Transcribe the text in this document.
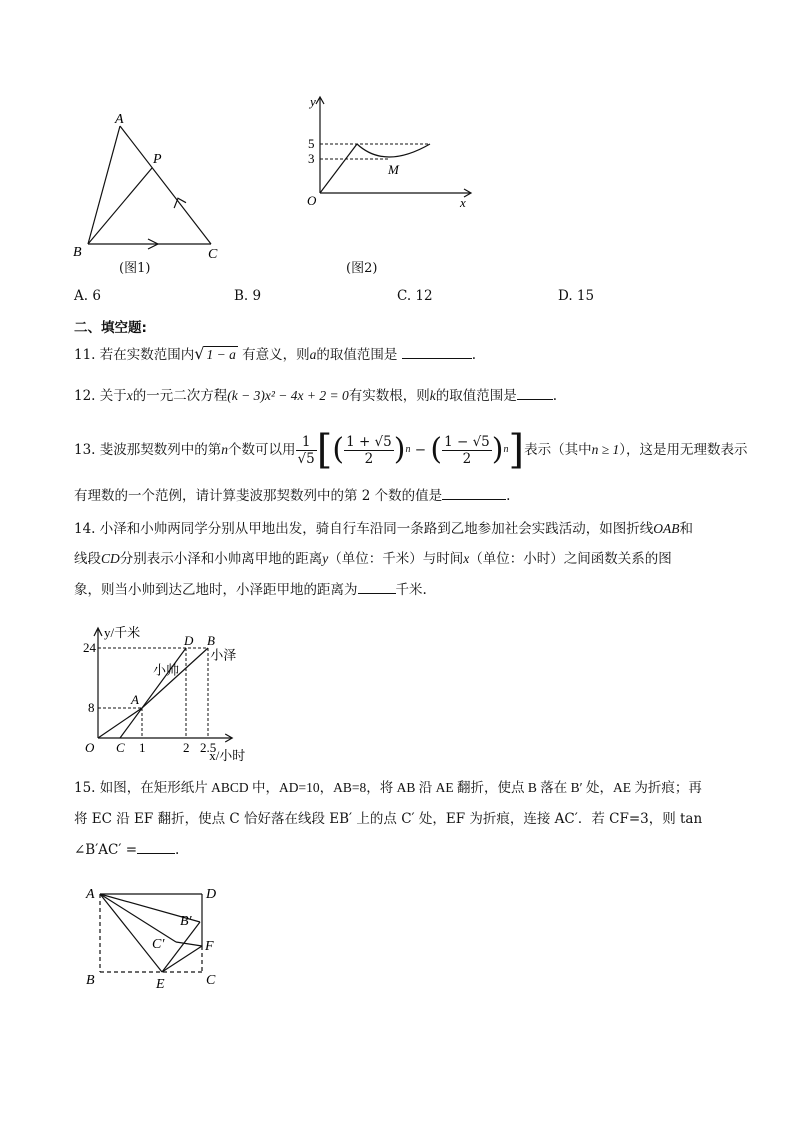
A
P
B	C
(图1)
y
5
3
M
O	x
(图2)
A. 6	B. 9	C. 12	D. 15
二、填空题:
11. 若在实数范围内√ 1 − a 有意义，则a的取值范围是	.
12. 关于x的一元二次方程(k − 3)x² − 4x + 2 = 0有实数根，则k的取值范围是	.
13.
斐波那契数列中的第 n 个数可以用
1
√5 [ ( 1 + √5
2 ) n − ( 1 − √5
2 ) n ] 表示（其中 n ≥ 1 ），这是用无理数表示
有理数的一个范例，请计算斐波那契数列中的第 2 个数的值是	.
14. 小泽和小帅两同学分别从甲地出发，骑自行车沿同一条路到乙地参加社会实践活动，如图折线OAB和
线段CD分别表示小泽和小帅离甲地的距离y（单位：千米）与时间x（单位：小时）之间函数关系的图
象，则当小帅到达乙地时，小泽距甲地的距离为	千米.
y/千米
x/小时
O
24
8
C 1	2 2.5
A
D B
小帅
小泽
15. 如图，在矩形纸片 ABCD 中，AD=10，AB=8，将 AB 沿 AE 翻折，使点 B 落在 B′ 处，AE 为折痕；再
将 EC 沿 EF 翻折，使点 C 恰好落在线段 EB′ 上的点 C′ 处，EF 为折痕，连接 AC′．若 CF=3，则 tan
∠B′AC′ =	.
A	D
B′
C′	F
B	E	C
